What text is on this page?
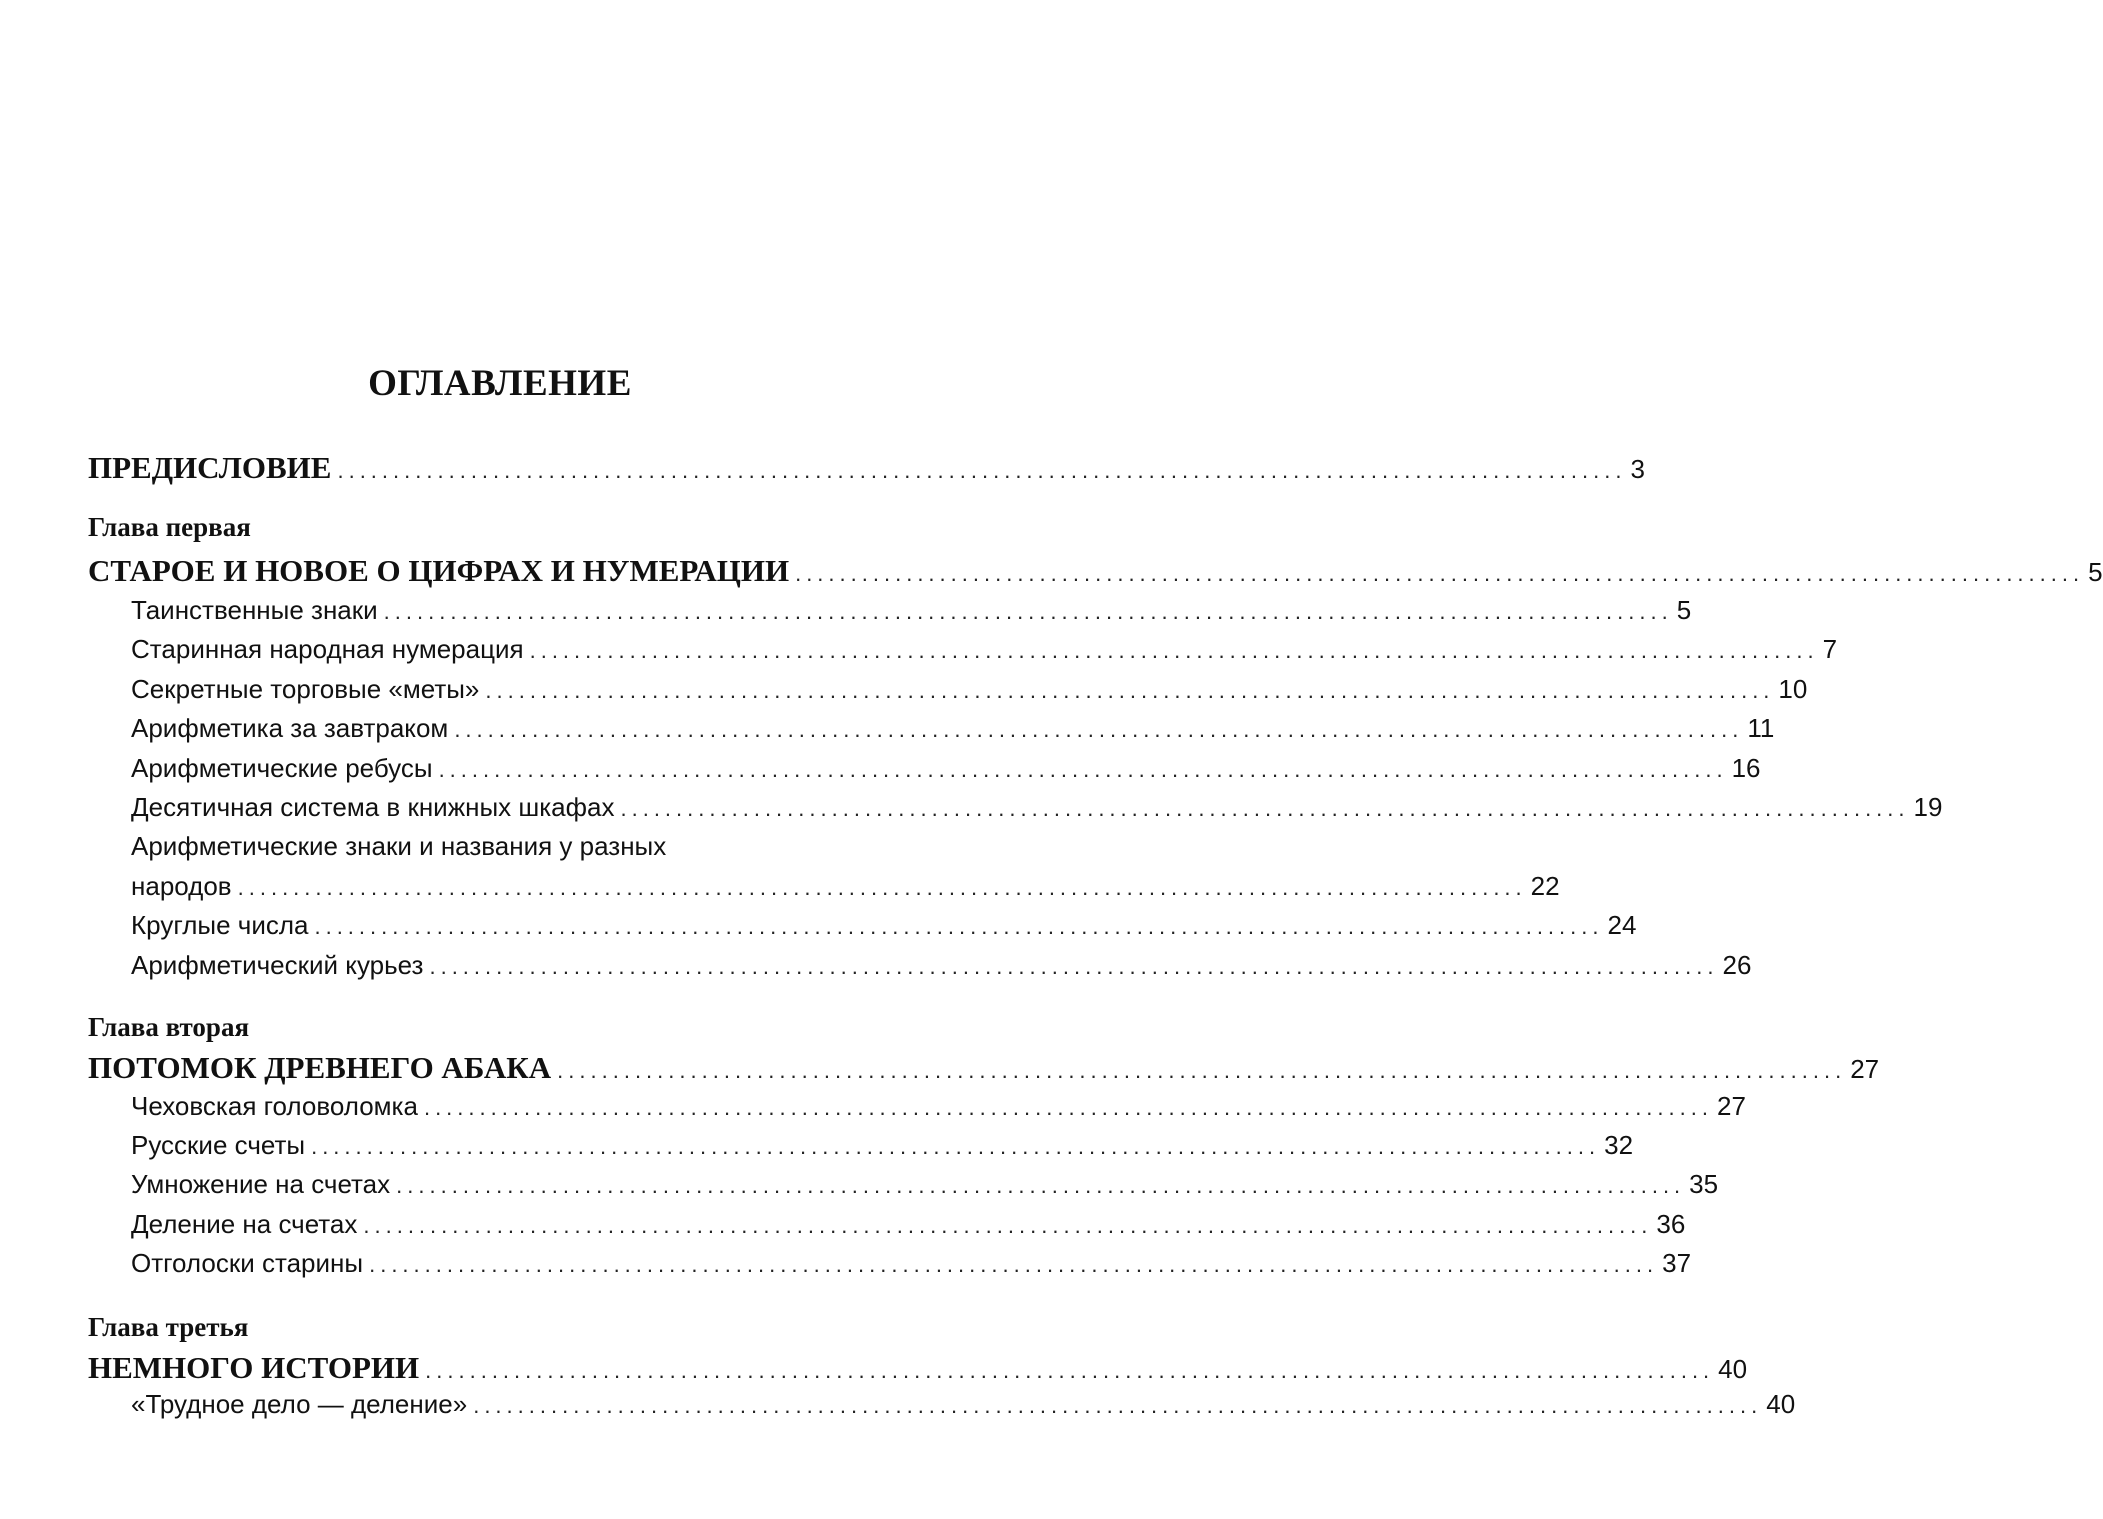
ОГЛАВЛЕНИЕ
ПРЕДИСЛОВИЕ .................................................................................................................... 3
Глава первая
СТАРОЕ И НОВОЕ О ЦИФРАХ И НУМЕРАЦИИ .................................................................................................................... 5
Таинственные знаки .................................................................................................................... 5
Старинная народная нумерация .................................................................................................................... 7
Секретные торговые «меты» .................................................................................................................... 10
Арифметика за завтраком .................................................................................................................... 11
Арифметические ребусы .................................................................................................................... 16
Десятичная система в книжных шкафах .................................................................................................................... 19
Арифметические знаки и названия у разных
народов .................................................................................................................... 22
Круглые числа .................................................................................................................... 24
Арифметический курьез .................................................................................................................... 26
Глава вторая
ПОТОМОК ДРЕВНЕГО АБАКА .................................................................................................................... 27
Чеховская головоломка .................................................................................................................... 27
Русские счеты .................................................................................................................... 32
Умножение на счетах .................................................................................................................... 35
Деление на счетах .................................................................................................................... 36
Отголоски старины .................................................................................................................... 37
Глава третья
НЕМНОГО ИСТОРИИ .................................................................................................................... 40
«Трудное дело — деление» .................................................................................................................... 40
